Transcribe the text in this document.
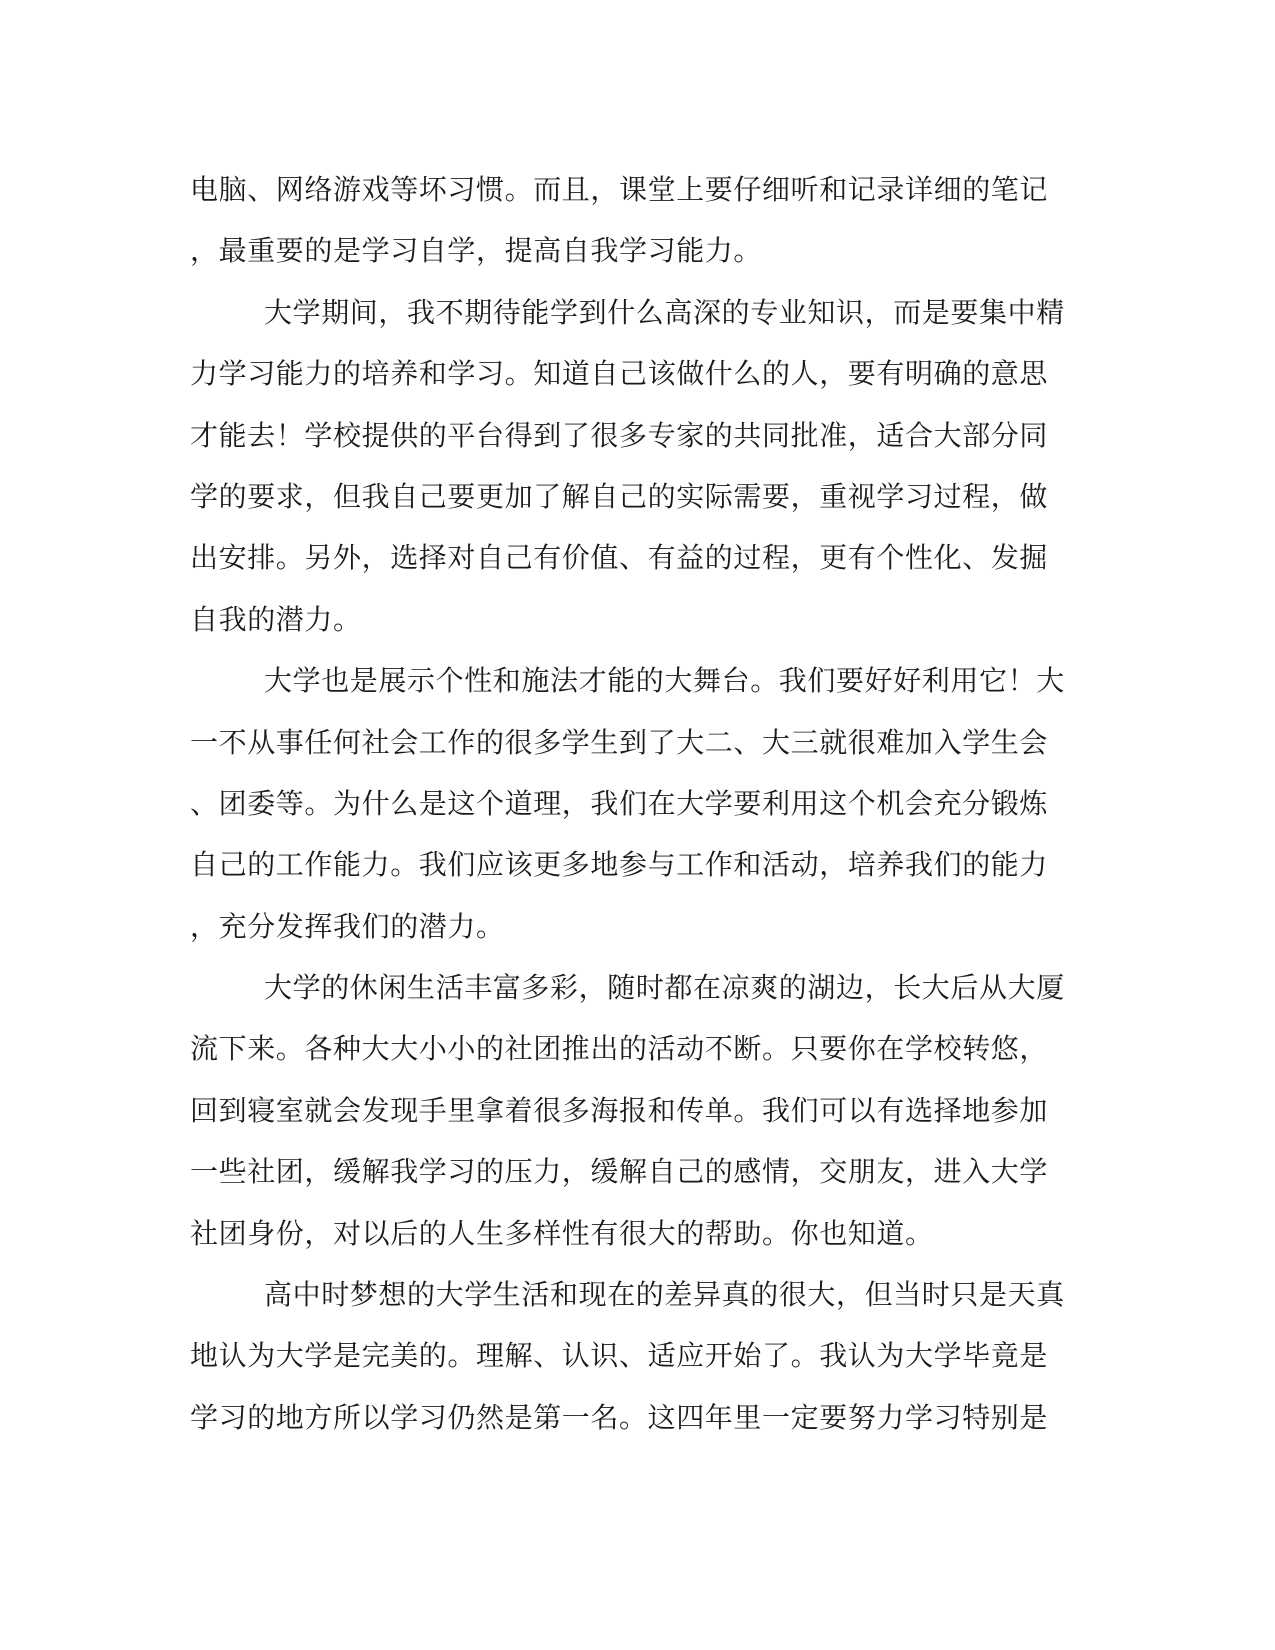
电脑、网络游戏等坏习惯。而且，课堂上要仔细听和记录详细的笔记
，最重要的是学习自学，提高自我学习能力。
大学期间，我不期待能学到什么高深的专业知识，而是要集中精
力学习能力的培养和学习。知道自己该做什么的人，要有明确的意思
才能去！学校提供的平台得到了很多专家的共同批准，适合大部分同
学的要求，但我自己要更加了解自己的实际需要，重视学习过程，做
出安排。另外，选择对自己有价值、有益的过程，更有个性化、发掘
自我的潜力。
大学也是展示个性和施法才能的大舞台。我们要好好利用它！大
一不从事任何社会工作的很多学生到了大二、大三就很难加入学生会
、团委等。为什么是这个道理，我们在大学要利用这个机会充分锻炼
自己的工作能力。我们应该更多地参与工作和活动，培养我们的能力
，充分发挥我们的潜力。
大学的休闲生活丰富多彩，随时都在凉爽的湖边，长大后从大厦
流下来。各种大大小小的社团推出的活动不断。只要你在学校转悠，
回到寝室就会发现手里拿着很多海报和传单。我们可以有选择地参加
一些社团，缓解我学习的压力，缓解自己的感情，交朋友，进入大学
社团身份，对以后的人生多样性有很大的帮助。你也知道。
高中时梦想的大学生活和现在的差异真的很大，但当时只是天真
地认为大学是完美的。理解、认识、适应开始了。我认为大学毕竟是
学习的地方所以学习仍然是第一名。这四年里一定要努力学习特别是
